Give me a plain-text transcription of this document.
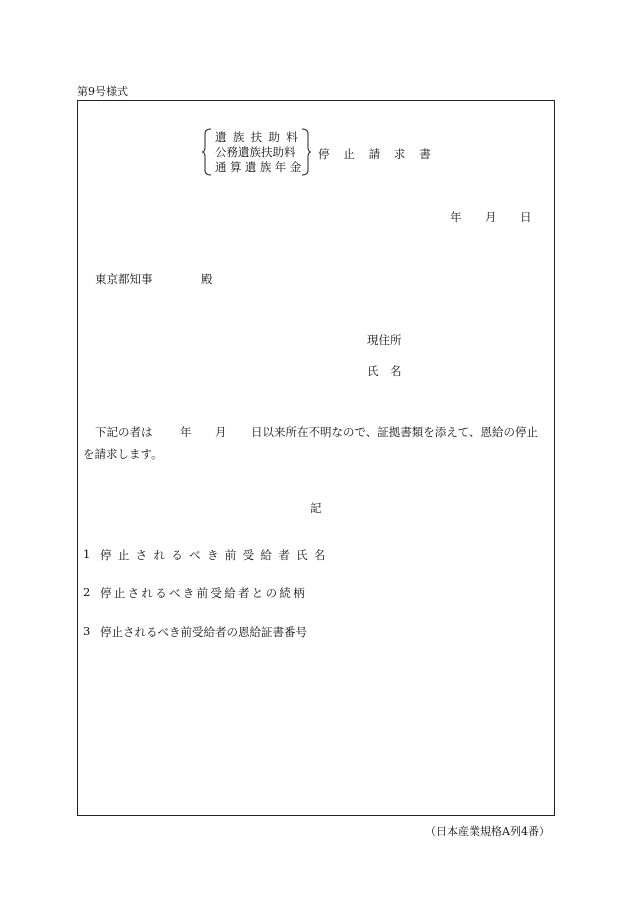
第9号様式
遺族扶助料
公務遺族扶助料
通算遺族年金
停止請求書
年 月 日
東京都知事	殿
現住所
氏　名
下記の者は 年 月 日以来所在不明なので、証拠書類を添えて、恩給の停止
を請求します。
記
1 停止されるべき前受給者氏名
2 停止されるべき前受給者との続柄
3 停止されるべき前受給者の恩給証書番号
（日本産業規格A列4番）
